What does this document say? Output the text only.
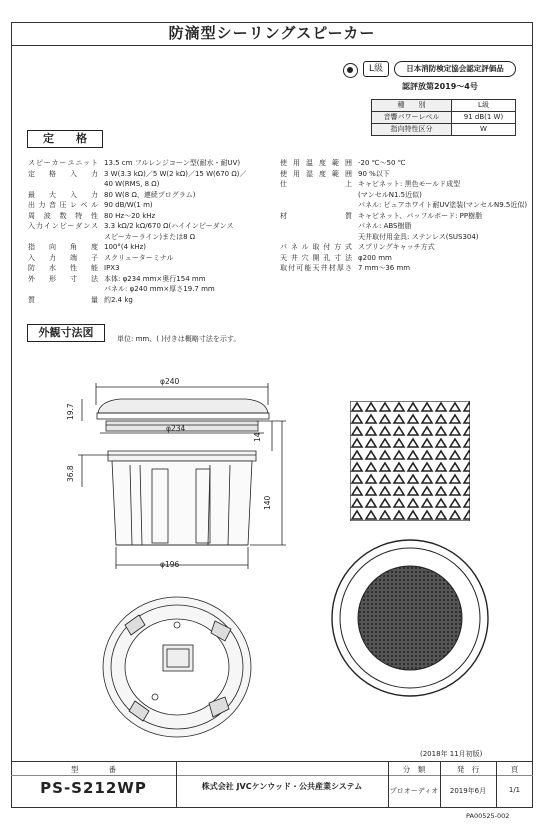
防滴型シーリングスピーカー
L級	日本消防検定協会認定評価品
認評放第2019～4号
種　　別	L級
音響パワーレベル	91 dB(1 W)
指向特性区分	W
定　　格
スピーカーユニット 13.5 cm フルレンジコーン型(耐水・耐UV)
定格入力 3 W(3.3 kΩ)／5 W(2 kΩ)／15 W(670 Ω)／
40 W(RMS, 8 Ω)
最大入力 80 W(8 Ω、連続プログラム)
出力音圧レベル 90 dB/W(1 m)
周波数特性 80 Hz～20 kHz
入力インピーダンス 3.3 kΩ/2 kΩ/670 Ω(ハイインピーダンス
スピーカーライン)または8 Ω
指向角度 100°(4 kHz)
入力端子 スクリューターミナル
防水性能 IPX3
外形寸法 本体: φ234 mm×奥行154 mm
パネル: φ240 mm×厚さ19.7 mm
質量 約2.4 kg
使用温度範囲 -20 ℃～50 ℃
使用湿度範囲 90 %以下
仕上 キャビネット: 黒色モールド成型
(マンセルN1.5近似)
パネル: ピュアホワイト耐UV塗装(マンセルN9.5近似)
材質 キャビネット、バッフルボード: PP樹脂
パネル: ABS樹脂
天井取付用金具: ステンレス(SUS304)
パネル取付方式 スプリングキャッチ方式
天井穴開孔寸法 φ200 mm
取付可能天井材厚さ 7 mm～36 mm
外観寸法図	単位: mm、( )付きは概略寸法を示す。
φ240
φ234
φ196
19.7
36.8
14
140
(2018年 11月初版)
型　　　　番
PS-S212WP	株式会社 JVCケンウッド・公共産業システム
分　類
プロオーディオ
発　行
2019年6月
頁
1/1
PA00525-002
